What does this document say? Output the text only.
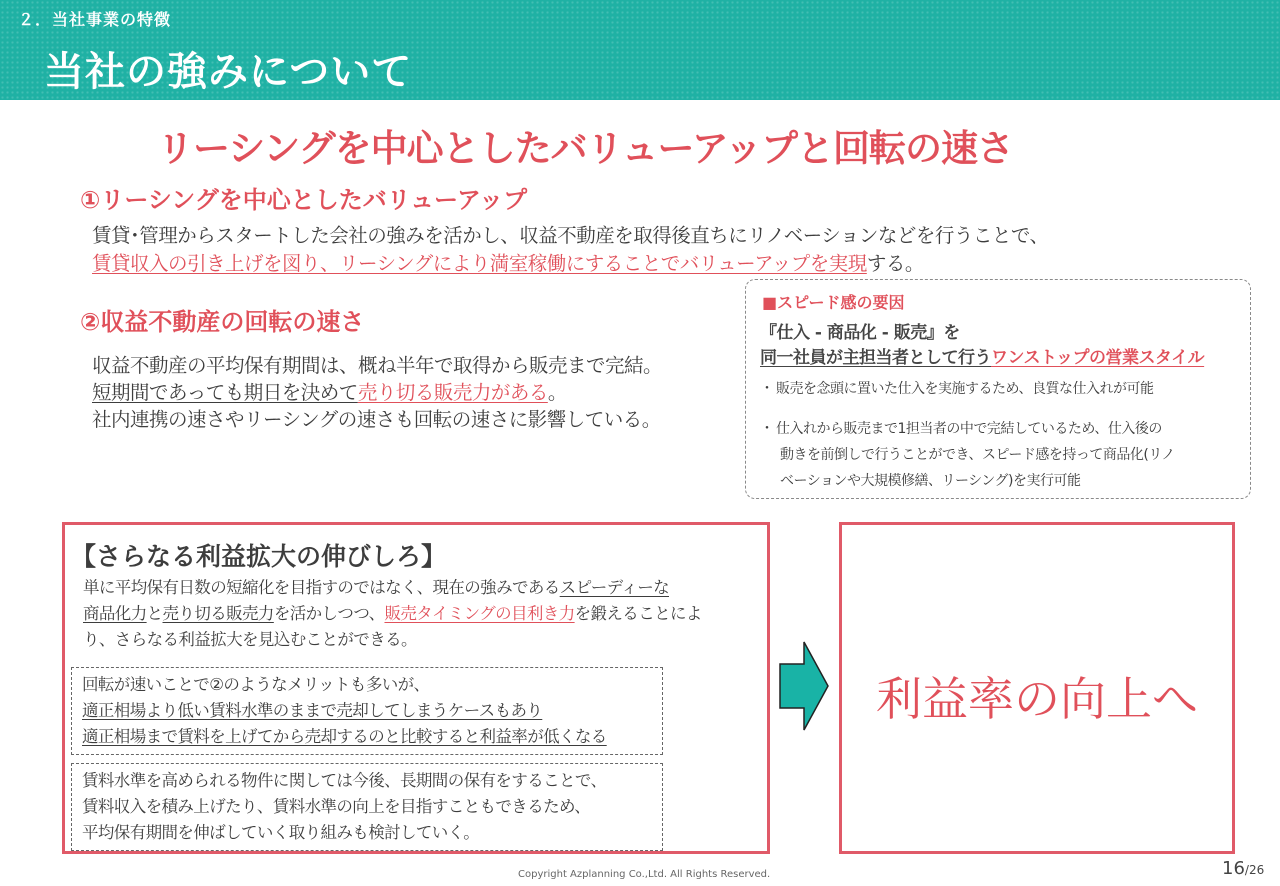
２．当社事業の特徴
当社の強みについて
リーシングを中心としたバリューアップと回転の速さ
①リーシングを中心としたバリューアップ
賃貸･管理からスタートした会社の強みを活かし、収益不動産を取得後直ちにリノベーションなどを行うことで、
賃貸収入の引き上げを図り、リーシングにより満室稼働にすることでバリューアップを実現する。
②収益不動産の回転の速さ
収益不動産の平均保有期間は、概ね半年で取得から販売まで完結。
短期間であっても期日を決めて売り切る販売力がある。
社内連携の速さやリーシングの速さも回転の速さに影響している。
■スピード感の要因
『仕入 - 商品化 - 販売』を
同一社員が主担当者として行うワンストップの営業スタイル
・ 販売を念頭に置いた仕入を実施するため、良質な仕入れが可能
・ 仕入れから販売まで1担当者の中で完結しているため、仕入後の
動きを前倒しで行うことができ、スピード感を持って商品化(リノ
ベーションや大規模修繕、リーシング)を実行可能
【さらなる利益拡大の伸びしろ】
単に平均保有日数の短縮化を目指すのではなく、現在の強みであるスピーディーな
商品化力と売り切る販売力を活かしつつ、販売タイミングの目利き力を鍛えることによ
り、さらなる利益拡大を見込むことができる。
回転が速いことで②のようなメリットも多いが、
適正相場より低い賃料水準のままで売却してしまうケースもあり
適正相場まで賃料を上げてから売却するのと比較すると利益率が低くなる
賃料水準を高められる物件に関しては今後、長期間の保有をすることで、
賃料収入を積み上げたり、賃料水準の向上を目指すこともできるため、
平均保有期間を伸ばしていく取り組みも検討していく。
利益率の向上へ
Copyright Azplanning Co.,Ltd. All Rights Reserved.	16/26
